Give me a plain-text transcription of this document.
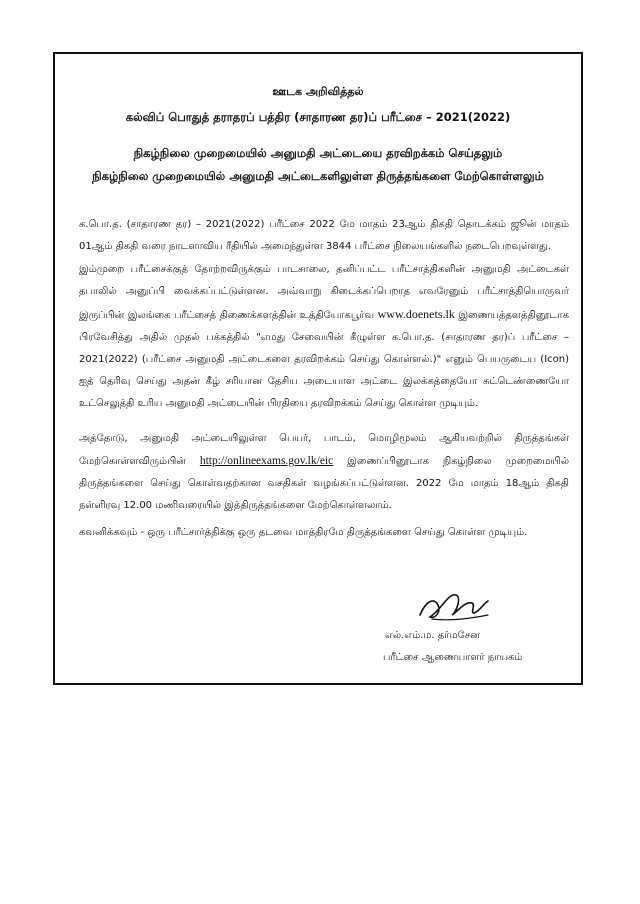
ஊடக அறிவித்தல்
கல்விப் பொதுத் தராதரப் பத்திர (சாதாரண தர)ப் பரீட்சை – 2021(2022)
நிகழ்நிலை முறைமையில் அனுமதி அட்டையை தரவிறக்கம் செய்தலும்
நிகழ்நிலை முறைமையில் அனுமதி அட்டைகளிலுள்ள திருத்தங்களை மேற்கொள்ளலும்
க.பொ.த. (சாதாரண தர) – 2021(2022) பரீட்சை 2022 மே மாதம் 23ஆம் திகதி தொடக்கம் ஜூன் மாதம் 01ஆம் திகதி வரை நாடளாவிய ரீதியில் அமைந்துள்ள 3844 பரீட்சை நிலையங்களில் நடைபெறவுள்ளது.
இம்முறை பரீட்சைக்குத் தோற்றவிருக்கும் பாடசாலை, தனிப்பட்ட பரீட்சாத்திகளின் அனுமதி அட்டைகள் தபாலில் அனுப்பி வைக்கப்பட்டுள்ளன. அவ்வாறு கிடைக்கப்பெறாத எவரேனும் பரீட்சாத்தியொருவர் இருப்பின் இலங்கை பரீட்சைத் திணைக்களத்தின் உத்தியோகபூர்வ www.doenets.lk இணையத்தளத்தினூடாக பிரவேசித்து அதில் முதல் பக்கத்தில் "எமது சேவையின் கீழுள்ள க.பொ.த. (சாதாரண தர)ப் பரீட்சை – 2021(2022) (பரீட்சை அனுமதி அட்டைகளை தரவிறக்கம் செய்து கொள்ளல்.)" எனும் பெயருடைய (Icon) ஐத் தெரிவு செய்து அதன் கீழ் சரியான தேசிய அடையாள அட்டை இலக்கத்தையோ சுட்டெண்ணையோ உட்செலுத்தி உரிய அனுமதி அட்டையின் பிரதியை தரவிறக்கம் செய்து கொள்ள முடியும்.
அத்தோடு, அனுமதி அட்டையிலுள்ள பெயர், பாடம், மொழிமூலம் ஆகியவற்றில் திருத்தங்கள் மேற்கொள்ளவிரும்பின் http://onlineexams.gov.lk/eic இணைப்பினூடாக நிகழ்நிலை முறைமையில் திருத்தங்களை செய்து கொள்வதற்கான வசதிகள் வழங்கப்பட்டுள்ளன. 2022 மே மாதம் 18ஆம் திகதி நள்ளிரவு 12.00 மணிவரையில் இத்திருத்தங்களை மேற்கொள்ளலாம்.
கவனிக்கவும் - ஒரு பரீட்சார்த்திக்கு ஒரு தடவை மாத்திரமே திருத்தங்களை செய்து கொள்ள முடியும்.
எல்.எம்.ம. தர்மசேன
பரீட்சை ஆணையாளர் நாயகம்
